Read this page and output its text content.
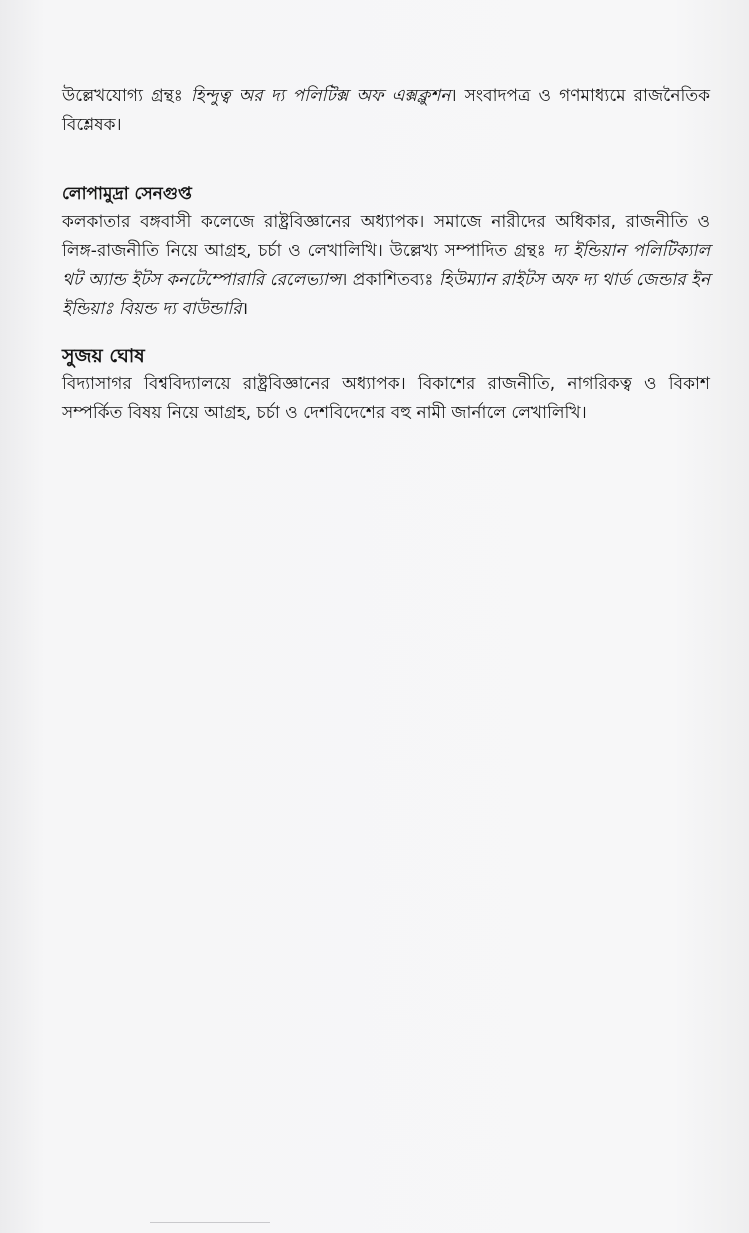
উল্লেখযোগ্য গ্রন্থঃ হিন্দুত্ব অর দ্য পলিটিক্স অফ এক্সক্লুশন। সংবাদপত্র ও গণমাধ্যমে রাজনৈতিক বিশ্লেষক।

লোপামুদ্রা সেনগুপ্ত

কলকাতার বঙ্গবাসী কলেজে রাষ্ট্রবিজ্ঞানের অধ্যাপক। সমাজে নারীদের অধিকার, রাজনীতি ও লিঙ্গ-রাজনীতি নিয়ে আগ্রহ, চর্চা ও লেখালিখি। উল্লেখ্য সম্পাদিত গ্রন্থঃ দ্য ইন্ডিয়ান পলিটিক্যাল থট অ্যান্ড ইটস কনটেম্পোরারি রেলেভ্যান্স। প্রকাশিতব্যঃ হিউম্যান রাইটস অফ দ্য থার্ড জেন্ডার ইন ইন্ডিয়াঃ বিয়ন্ড দ্য বাউন্ডারি।

সুজয় ঘোষ

বিদ্যাসাগর বিশ্ববিদ্যালয়ে রাষ্ট্রবিজ্ঞানের অধ্যাপক। বিকাশের রাজনীতি, নাগরিকত্ব ও বিকাশ সম্পর্কিত বিষয় নিয়ে আগ্রহ, চর্চা ও দেশবিদেশের বহু নামী জার্নালে লেখালিখি।
